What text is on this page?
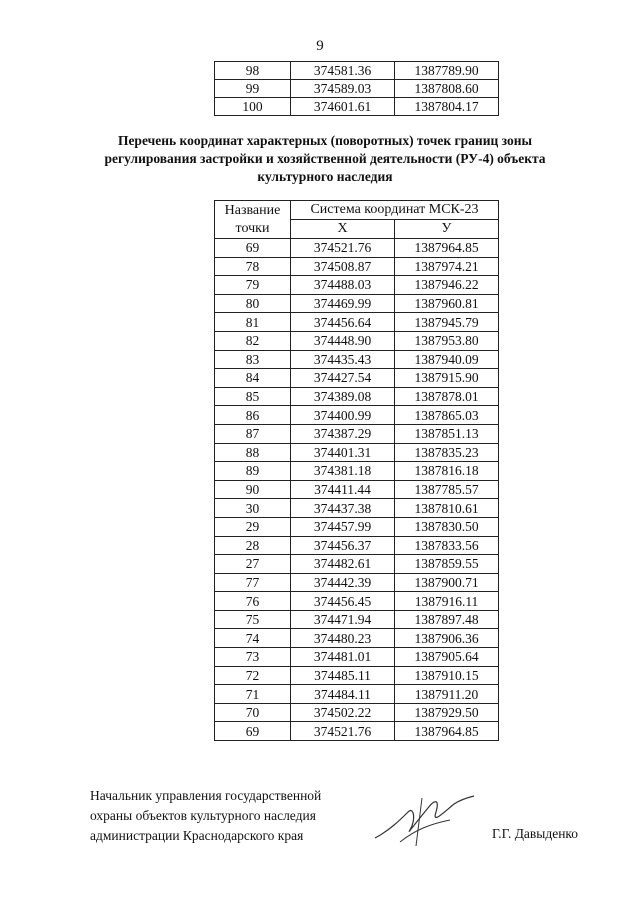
9
98	374581.36	1387789.90
99	374589.03	1387808.60
100	374601.61	1387804.17
Перечень координат характерных (поворотных) точек границ зоны
регулирования застройки и хозяйственной деятельности (РУ-4) объекта
культурного наследия
Название точки	Система координат МСК-23	
	Х	У
69	374521.76	1387964.85
78	374508.87	1387974.21
79	374488.03	1387946.22
80	374469.99	1387960.81
81	374456.64	1387945.79
82	374448.90	1387953.80
83	374435.43	1387940.09
84	374427.54	1387915.90
85	374389.08	1387878.01
86	374400.99	1387865.03
87	374387.29	1387851.13
88	374401.31	1387835.23
89	374381.18	1387816.18
90	374411.44	1387785.57
30	374437.38	1387810.61
29	374457.99	1387830.50
28	374456.37	1387833.56
27	374482.61	1387859.55
77	374442.39	1387900.71
76	374456.45	1387916.11
75	374471.94	1387897.48
74	374480.23	1387906.36
73	374481.01	1387905.64
72	374485.11	1387910.15
71	374484.11	1387911.20
70	374502.22	1387929.50
69	374521.76	1387964.85
Начальник управления государственной
охраны объектов культурного наследия
администрации Краснодарского края	Г.Г. Давыденко
